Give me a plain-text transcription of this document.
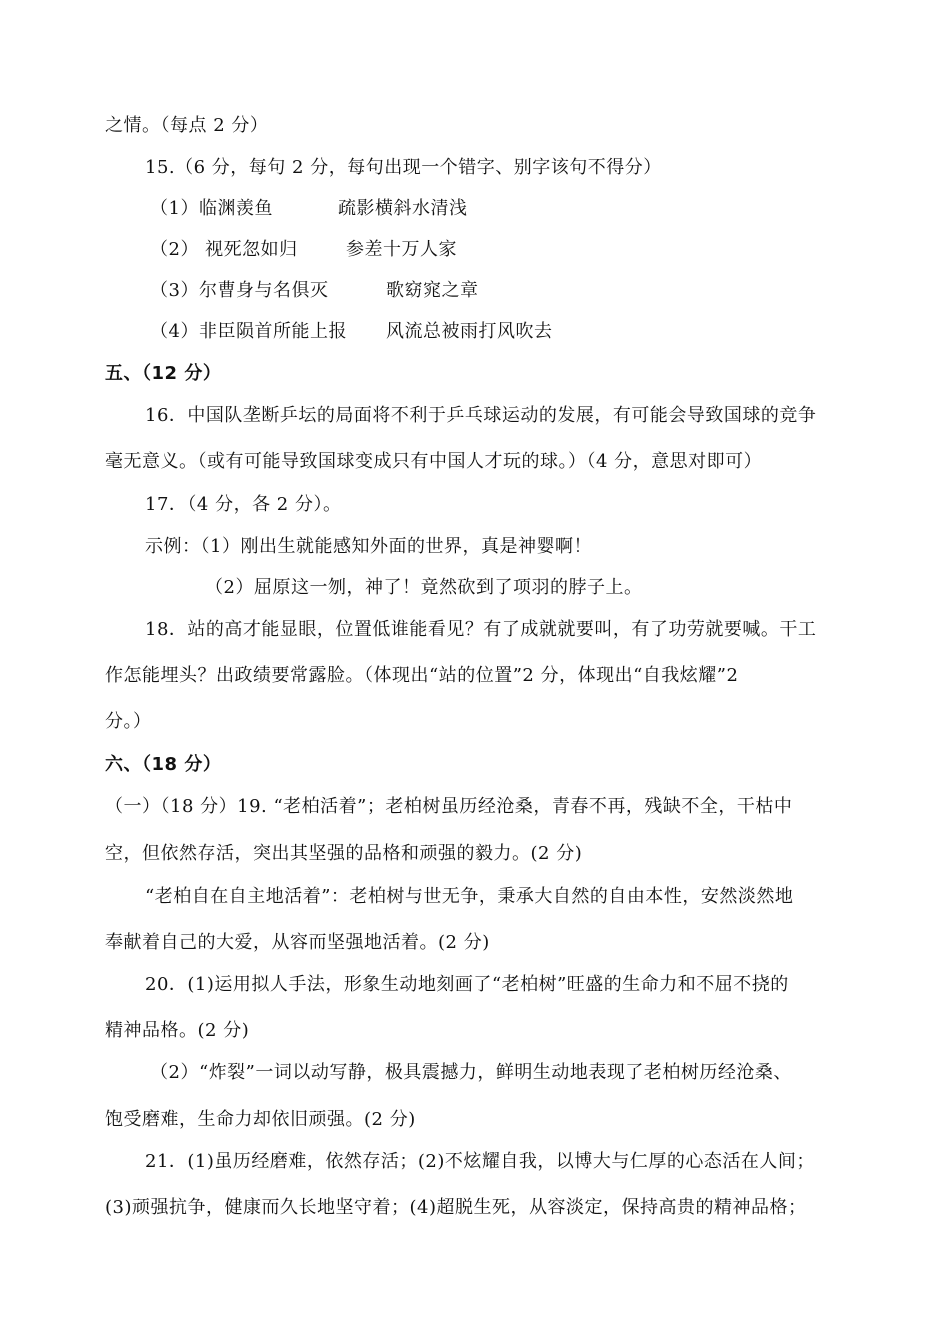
之情。（每点 2 分）
15.（6 分，每句 2 分，每句出现一个错字、别字该句不得分）
（1）临渊羡鱼	疏影横斜水清浅
（2） 视死忽如归	参差十万人家
（3）尔曹身与名俱灭	歌窈窕之章
（4）非臣陨首所能上报 风流总被雨打风吹去
五、（12 分）
16．中国队垄断乒坛的局面将不利于乒乓球运动的发展，有可能会导致国球的竞争
毫无意义。（或有可能导致国球变成只有中国人才玩的球。）（4 分，意思对即可）
17．（4 分，各 2 分）。
示例：（1）刚出生就能感知外面的世界，真是神婴啊！
（2）屈原这一刎，神了！竟然砍到了项羽的脖子上。
18．站的高才能显眼，位置低谁能看见？有了成就就要叫，有了功劳就要喊。干工
作怎能埋头？出政绩要常露脸。（体现出“站的位置”2 分，体现出“自我炫耀”2
分。）
六、（18 分）
（一）（18 分）19. “老柏活着”；老柏树虽历经沧桑，青春不再，残缺不全，干枯中
空，但依然存活，突出其坚强的品格和顽强的毅力。(2 分)
“老柏自在自主地活着”：老柏树与世无争，秉承大自然的自由本性，安然淡然地
奉献着自己的大爱，从容而坚强地活着。(2 分)
20．(1)运用拟人手法，形象生动地刻画了“老柏树”旺盛的生命力和不屈不挠的
精神品格。(2 分)
（2）“炸裂”一词以动写静，极具震撼力，鲜明生动地表现了老柏树历经沧桑、
饱受磨难，生命力却依旧顽强。(2 分)
21．(1)虽历经磨难，依然存活；(2)不炫耀自我，以博大与仁厚的心态活在人间；
(3)顽强抗争，健康而久长地坚守着；(4)超脱生死，从容淡定，保持高贵的精神品格；
